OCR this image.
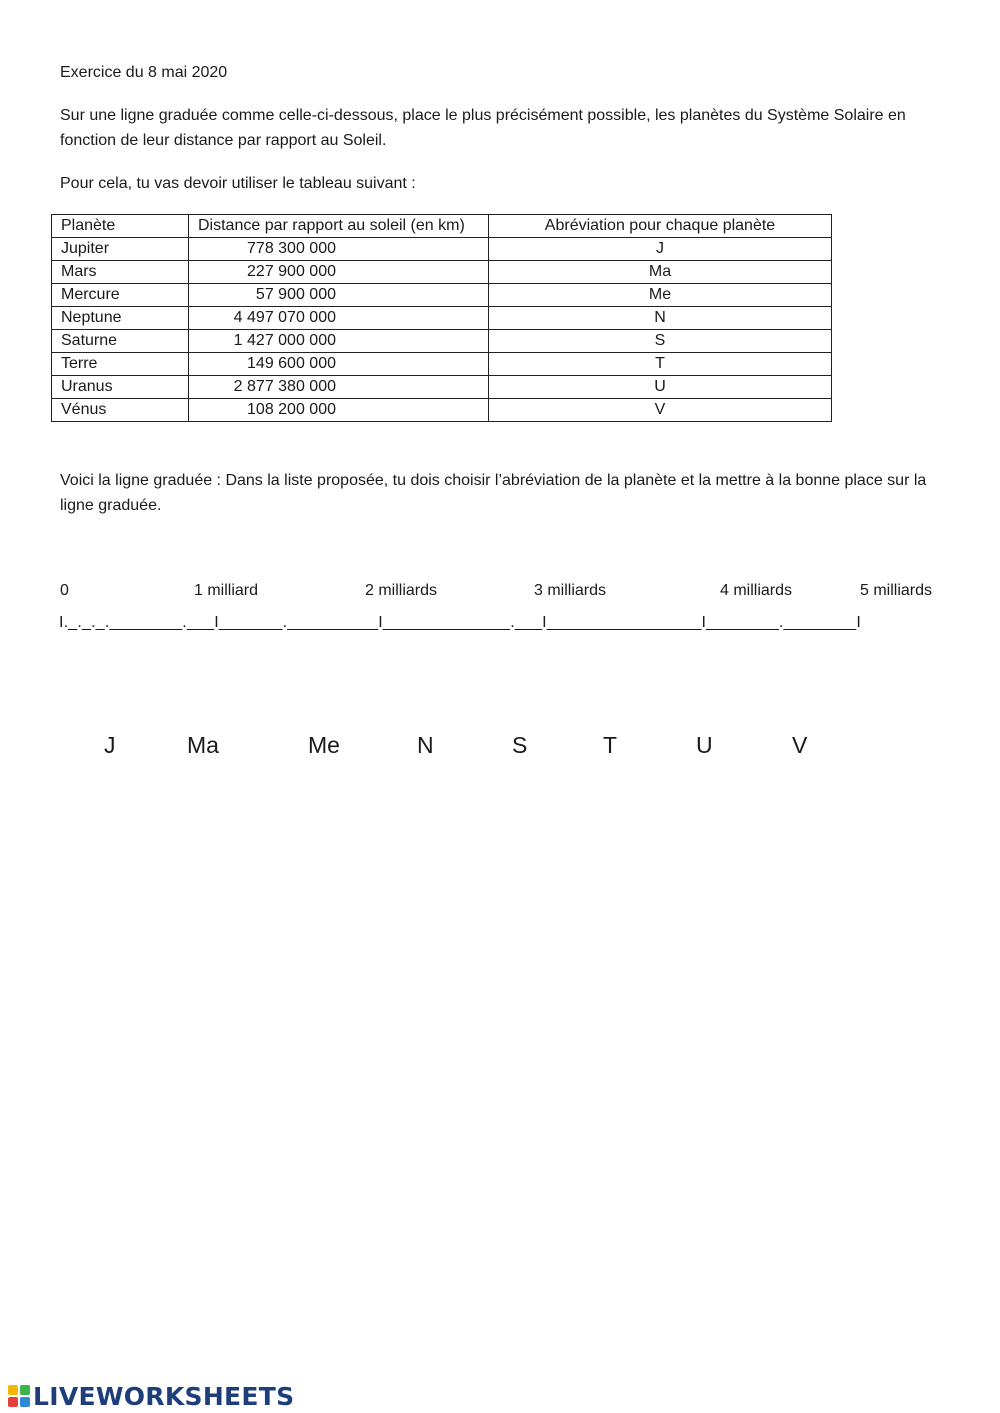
Exercice du 8 mai 2020

Sur une ligne graduée comme celle-ci-dessous, place le plus précisément possible, les planètes du Système Solaire en fonction de leur distance par rapport au Soleil.

Pour cela, tu vas devoir utiliser le tableau suivant :

Planète	Distance par rapport au soleil (en km)	Abréviation pour chaque planète
Jupiter	778 300 000	J
Mars	227 900 000	Ma
Mercure	57 900 000	Me
Neptune	4 497 070 000	N
Saturne	1 427 000 000	S
Terre	149 600 000	T
Uranus	2 877 380 000	U
Vénus	108 200 000	V

Voici la ligne graduée : Dans la liste proposée, tu dois choisir l’abréviation de la planète et la mettre à la bonne place sur la ligne graduée.

0	1 milliard	2 milliards	3 milliards	4 milliards	5 milliards
I._._._.________.___I_______.__________I______________.___I_________________I________.________I
J	Ma	Me	N	S	T	U	V
LIVEWORKSHEETS
